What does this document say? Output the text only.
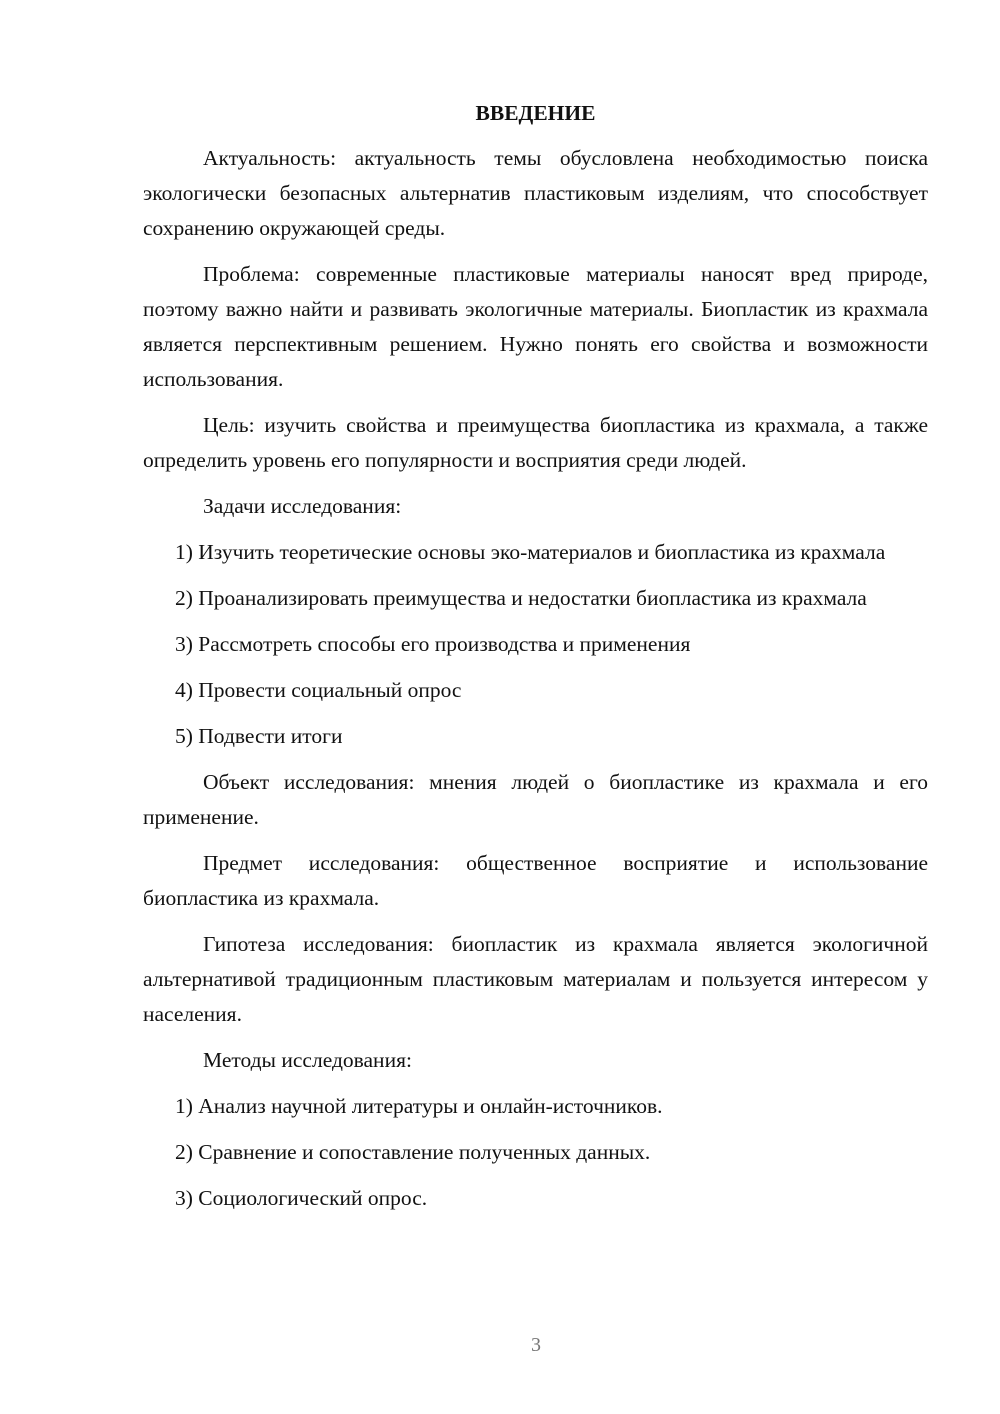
ВВЕДЕНИЕ

Актуальность: актуальность темы обусловлена необходимостью поиска экологически безопасных альтернатив пластиковым изделиям, что способствует сохранению окружающей среды.

Проблема: современные пластиковые материалы наносят вред природе, поэтому важно найти и развивать экологичные материалы. Биопластик из крахмала является перспективным решением. Нужно понять его свойства и возможности использования.

Цель: изучить свойства и преимущества биопластика из крахмала, а также определить уровень его популярности и восприятия среди людей.

Задачи исследования:

1) Изучить теоретические основы эко-материалов и биопластика из крахмала

2) Проанализировать преимущества и недостатки биопластика из крахмала

3) Рассмотреть способы его производства и применения

4) Провести социальный опрос

5) Подвести итоги

Объект исследования: мнения людей о биопластике из крахмала и его применение.

Предмет исследования: общественное восприятие и использование биопластика из крахмала.

Гипотеза исследования: биопластик из крахмала является экологичной альтернативой традиционным пластиковым материалам и пользуется интересом у населения.

Методы исследования:

1) Анализ научной литературы и онлайн-источников.

2) Сравнение и сопоставление полученных данных.

3) Социологический опрос.

3
